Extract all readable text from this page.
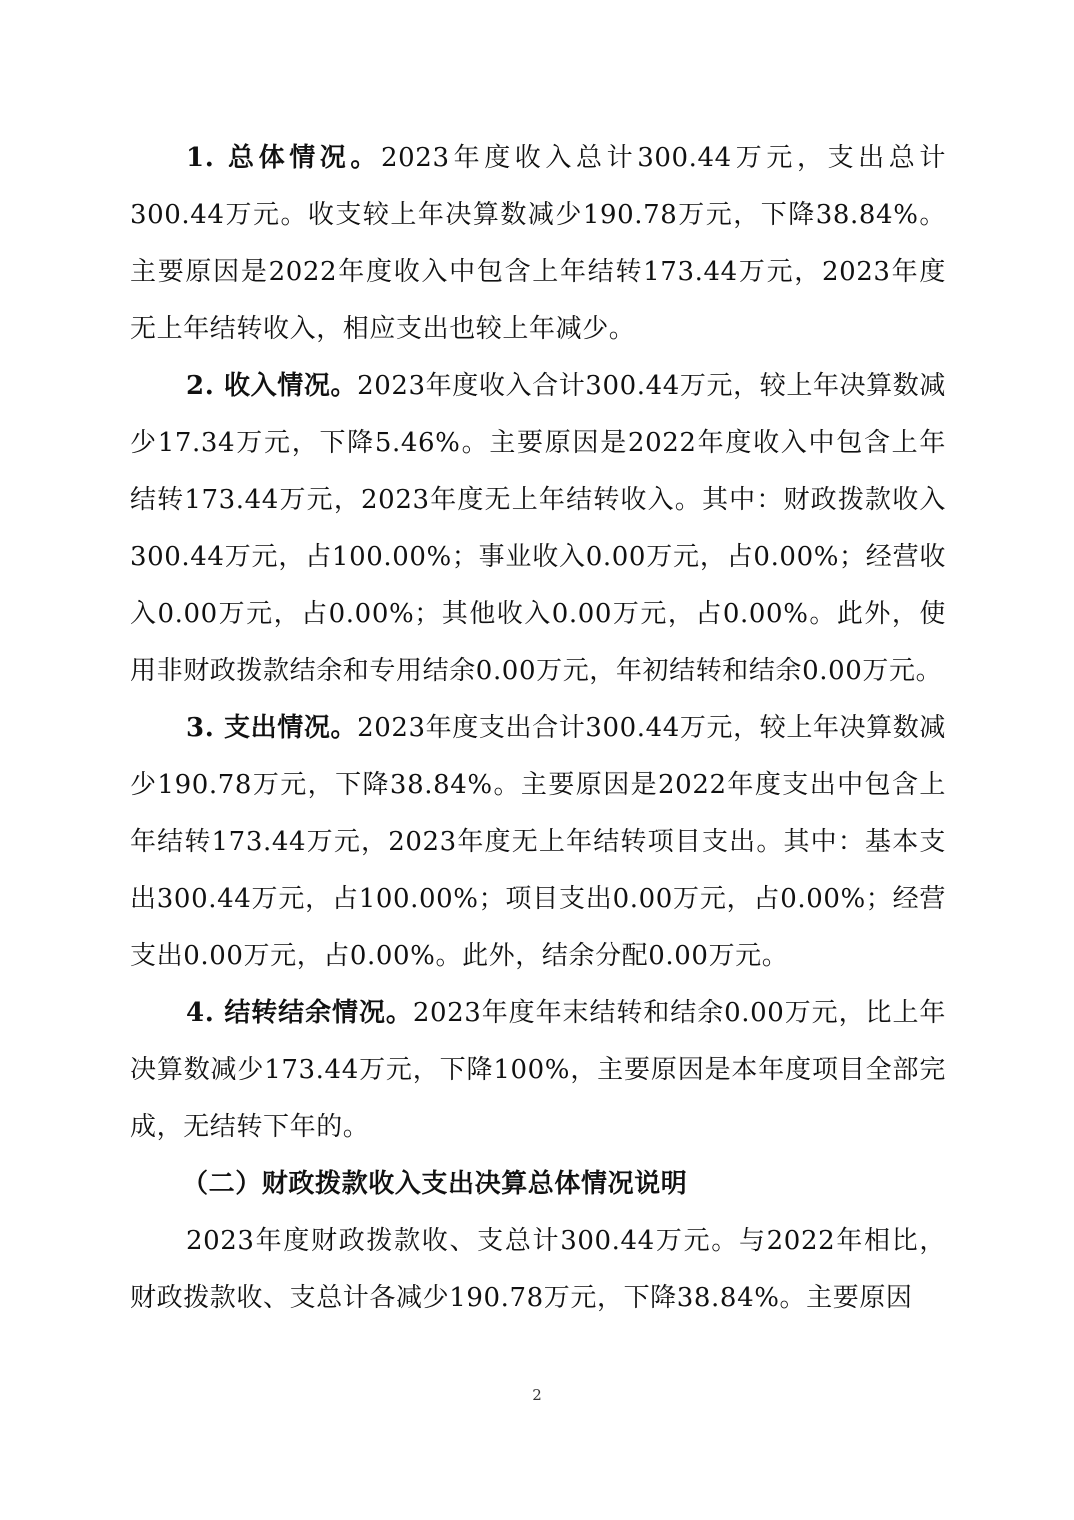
1. 总体情况。2023年度收入总计300.44万元，支出总计300.44万元。收支较上年决算数减少190.78万元，下降38.84%。主要原因是2022年度收入中包含上年结转173.44万元，2023年度无上年结转收入，相应支出也较上年减少。

2. 收入情况。2023年度收入合计300.44万元，较上年决算数减少17.34万元，下降5.46%。主要原因是2022年度收入中包含上年结转173.44万元，2023年度无上年结转收入。其中：财政拨款收入300.44万元，占100.00%；事业收入0.00万元，占0.00%；经营收入0.00万元，占0.00%；其他收入0.00万元，占0.00%。此外，使用非财政拨款结余和专用结余0.00万元，年初结转和结余0.00万元。

3. 支出情况。2023年度支出合计300.44万元，较上年决算数减少190.78万元，下降38.84%。主要原因是2022年度支出中包含上年结转173.44万元，2023年度无上年结转项目支出。其中：基本支出300.44万元，占100.00%；项目支出0.00万元，占0.00%；经营支出0.00万元，占0.00%。此外，结余分配0.00万元。

4. 结转结余情况。2023年度年末结转和结余0.00万元，比上年决算数减少173.44万元，下降100%，主要原因是本年度项目全部完成，无结转下年的。

（二）财政拨款收入支出决算总体情况说明

2023年度财政拨款收、支总计300.44万元。与2022年相比，财政拨款收、支总计各减少190.78万元，下降38.84%。主要原因

2
